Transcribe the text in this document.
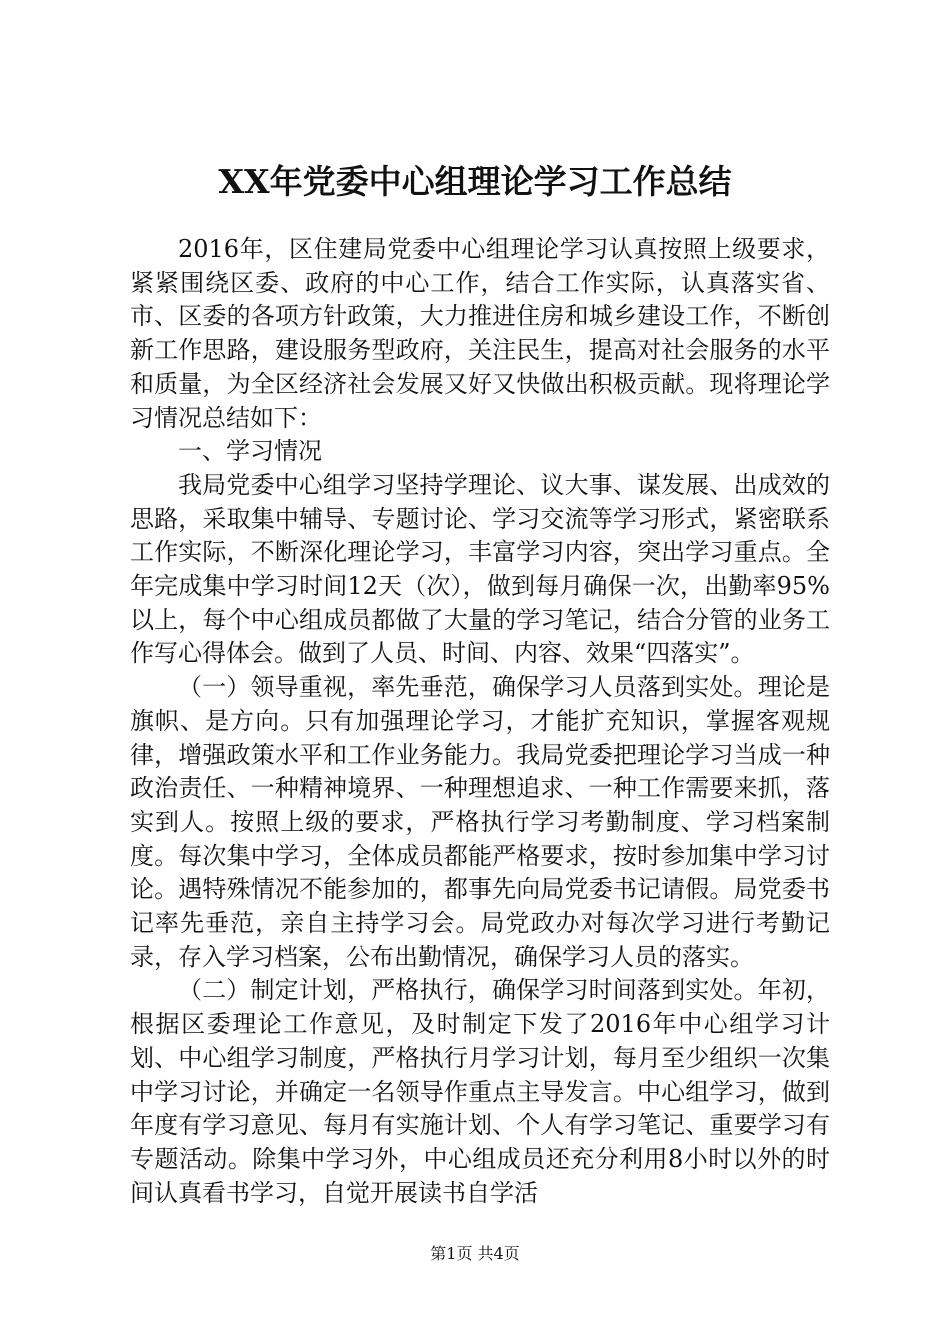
XX年党委中心组理论学习工作总结

2016年，区住建局党委中心组理论学习认真按照上级要求，紧紧围绕区委、政府的中心工作，结合工作实际，认真落实省、市、区委的各项方针政策，大力推进住房和城乡建设工作，不断创新工作思路，建设服务型政府，关注民生，提高对社会服务的水平和质量，为全区经济社会发展又好又快做出积极贡献。现将理论学习情况总结如下：

一、学习情况

我局党委中心组学习坚持学理论、议大事、谋发展、出成效的思路，采取集中辅导、专题讨论、学习交流等学习形式，紧密联系工作实际，不断深化理论学习，丰富学习内容，突出学习重点。全年完成集中学习时间12天（次），做到每月确保一次，出勤率95%以上，每个中心组成员都做了大量的学习笔记，结合分管的业务工作写心得体会。做到了人员、时间、内容、效果“四落实”。

（一）领导重视，率先垂范，确保学习人员落到实处。理论是旗帜、是方向。只有加强理论学习，才能扩充知识，掌握客观规律，增强政策水平和工作业务能力。我局党委把理论学习当成一种政治责任、一种精神境界、一种理想追求、一种工作需要来抓，落实到人。按照上级的要求，严格执行学习考勤制度、学习档案制度。每次集中学习，全体成员都能严格要求，按时参加集中学习讨论。遇特殊情况不能参加的，都事先向局党委书记请假。局党委书记率先垂范，亲自主持学习会。局党政办对每次学习进行考勤记录，存入学习档案，公布出勤情况，确保学习人员的落实。

（二）制定计划，严格执行，确保学习时间落到实处。年初，根据区委理论工作意见，及时制定下发了2016年中心组学习计划、中心组学习制度，严格执行月学习计划，每月至少组织一次集中学习讨论，并确定一名领导作重点主导发言。中心组学习，做到年度有学习意见、每月有实施计划、个人有学习笔记、重要学习有专题活动。除集中学习外，中心组成员还充分利用8小时以外的时间认真看书学习，自觉开展读书自学活

第1页 共4页
